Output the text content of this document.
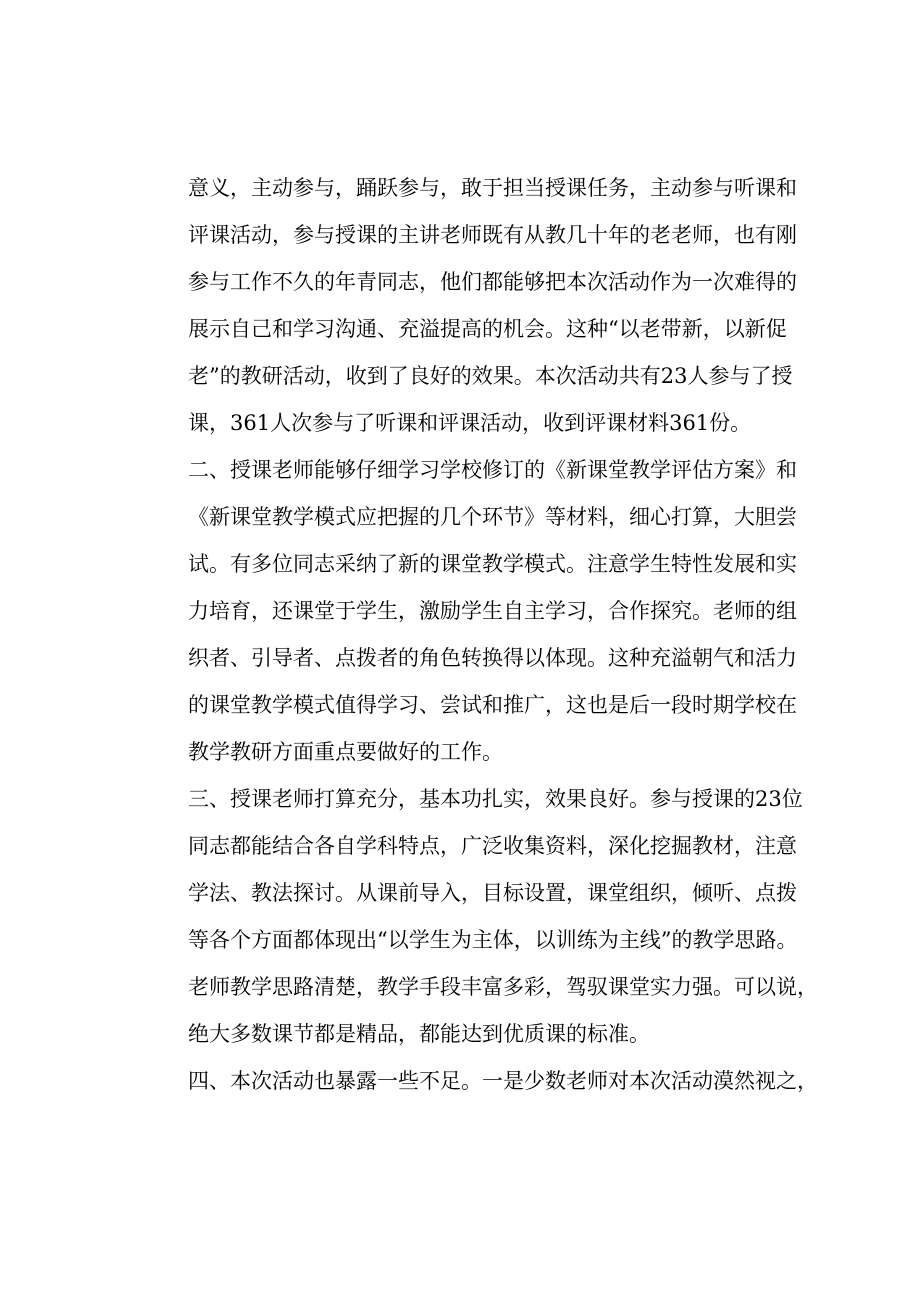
意义，主动参与，踊跃参与，敢于担当授课任务，主动参与听课和
评课活动，参与授课的主讲老师既有从教几十年的老老师，也有刚
参与工作不久的年青同志，他们都能够把本次活动作为一次难得的
展示自己和学习沟通、充溢提高的机会。这种“以老带新，以新促
老”的教研活动，收到了良好的效果。本次活动共有23人参与了授
课，361人次参与了听课和评课活动，收到评课材料361份。
二、授课老师能够仔细学习学校修订的《新课堂教学评估方案》和
《新课堂教学模式应把握的几个环节》等材料，细心打算，大胆尝
试。有多位同志采纳了新的课堂教学模式。注意学生特性发展和实
力培育，还课堂于学生，激励学生自主学习，合作探究。老师的组
织者、引导者、点拨者的角色转换得以体现。这种充溢朝气和活力
的课堂教学模式值得学习、尝试和推广，这也是后一段时期学校在
教学教研方面重点要做好的工作。
三、授课老师打算充分，基本功扎实，效果良好。参与授课的23位
同志都能结合各自学科特点，广泛收集资料，深化挖掘教材，注意
学法、教法探讨。从课前导入，目标设置，课堂组织，倾听、点拨
等各个方面都体现出“以学生为主体，以训练为主线”的教学思路。
老师教学思路清楚，教学手段丰富多彩，驾驭课堂实力强。可以说，
绝大多数课节都是精品，都能达到优质课的标准。
四、本次活动也暴露一些不足。一是少数老师对本次活动漠然视之，
